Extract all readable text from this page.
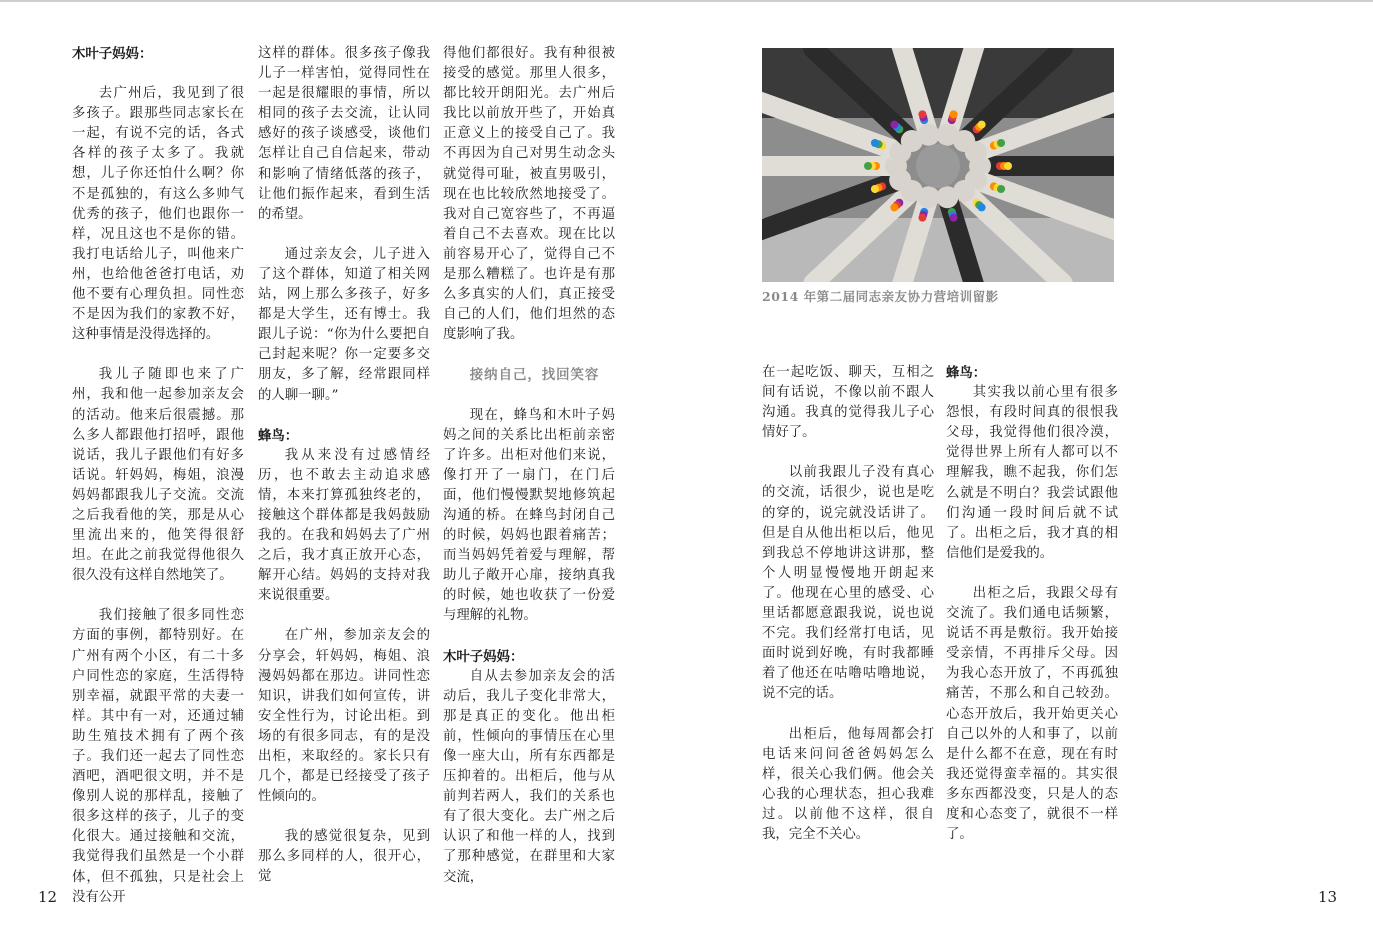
木叶子妈妈：

去广州后，我见到了很多孩子。跟那些同志家长在一起，有说不完的话，各式各样的孩子太多了。我就想，儿子你还怕什么啊？你不是孤独的，有这么多帅气优秀的孩子，他们也跟你一样，况且这也不是你的错。我打电话给儿子，叫他来广州，也给他爸爸打电话，劝他不要有心理负担。同性恋不是因为我们的家教不好，这种事情是没得选择的。

我儿子随即也来了广州，我和他一起参加亲友会的活动。他来后很震撼。那么多人都跟他打招呼，跟他说话，我儿子跟他们有好多话说。轩妈妈，梅姐，浪漫妈妈都跟我儿子交流。交流之后我看他的笑，那是从心里流出来的，他笑得很舒坦。在此之前我觉得他很久很久没有这样自然地笑了。

我们接触了很多同性恋方面的事例，都特别好。在广州有两个小区，有二十多户同性恋的家庭，生活得特别幸福，就跟平常的夫妻一样。其中有一对，还通过辅助生殖技术拥有了两个孩子。我们还一起去了同性恋酒吧，酒吧很文明，并不是像别人说的那样乱，接触了很多这样的孩子，儿子的变化很大。通过接触和交流，我觉得我们虽然是一个小群体，但不孤独，只是社会上没有公开

这样的群体。很多孩子像我儿子一样害怕，觉得同性在一起是很耀眼的事情，所以相同的孩子去交流，让认同感好的孩子谈感受，谈他们怎样让自己自信起来，带动和影响了情绪低落的孩子，让他们振作起来，看到生活的希望。

通过亲友会，儿子进入了这个群体，知道了相关网站，网上那么多孩子，好多都是大学生，还有博士。我跟儿子说：“你为什么要把自己封起来呢？你一定要多交朋友，多了解，经常跟同样的人聊一聊。”

蜂鸟：

我从来没有过感情经历，也不敢去主动追求感情，本来打算孤独终老的，接触这个群体都是我妈鼓励我的。在我和妈妈去了广州之后，我才真正放开心态，解开心结。妈妈的支持对我来说很重要。

在广州，参加亲友会的分享会，轩妈妈，梅姐、浪漫妈妈都在那边。讲同性恋知识，讲我们如何宣传，讲安全性行为，讨论出柜。到场的有很多同志，有的是没出柜，来取经的。家长只有几个，都是已经接受了孩子性倾向的。

我的感觉很复杂，见到那么多同样的人，很开心，觉

得他们都很好。我有种很被接受的感觉。那里人很多，都比较开朗阳光。去广州后我比以前放开些了，开始真正意义上的接受自己了。我不再因为自己对男生动念头就觉得可耻，被直男吸引，现在也比较欣然地接受了。我对自己宽容些了，不再逼着自己不去喜欢。现在比以前容易开心了，觉得自己不是那么糟糕了。也许是有那么多真实的人们，真正接受自己的人们，他们坦然的态度影响了我。

接纳自己，找回笑容

现在，蜂鸟和木叶子妈妈之间的关系比出柜前亲密了许多。出柜对他们来说，像打开了一扇门，在门后面，他们慢慢默契地修筑起沟通的桥。在蜂鸟封闭自己的时候，妈妈也跟着痛苦；而当妈妈凭着爱与理解，帮助儿子敞开心扉，接纳真我的时候，她也收获了一份爱与理解的礼物。

木叶子妈妈：

自从去参加亲友会的活动后，我儿子变化非常大，那是真正的变化。他出柜前，性倾向的事情压在心里像一座大山，所有东西都是压抑着的。出柜后，他与从前判若两人，我们的关系也有了很大变化。去广州之后认识了和他一样的人，找到了那种感觉，在群里和大家交流，

2014 年第二届同志亲友协力营培训留影

在一起吃饭、聊天，互相之间有话说，不像以前不跟人沟通。我真的觉得我儿子心情好了。

以前我跟儿子没有真心的交流，话很少，说也是吃的穿的，说完就没话讲了。但是自从他出柜以后，他见到我总不停地讲这讲那，整个人明显慢慢地开朗起来了。他现在心里的感受、心里话都愿意跟我说，说也说不完。我们经常打电话，见面时说到好晚，有时我都睡着了他还在咕噜咕噜地说，说不完的话。

出柜后，他每周都会打电话来问问爸爸妈妈怎么样，很关心我们俩。他会关心我的心理状态，担心我难过。以前他不这样，很自我，完全不关心。

蜂鸟：

其实我以前心里有很多怨恨，有段时间真的很恨我父母，我觉得他们很冷漠，觉得世界上所有人都可以不理解我，瞧不起我，你们怎么就是不明白？我尝试跟他们沟通一段时间后就不试了。出柜之后，我才真的相信他们是爱我的。

出柜之后，我跟父母有交流了。我们通电话频繁，说话不再是敷衍。我开始接受亲情，不再排斥父母。因为我心态开放了，不再孤独痛苦，不那么和自己较劲。心态开放后，我开始更关心自己以外的人和事了，以前是什么都不在意，现在有时我还觉得蛮幸福的。其实很多东西都没变，只是人的态度和心态变了，就很不一样了。

12	13
